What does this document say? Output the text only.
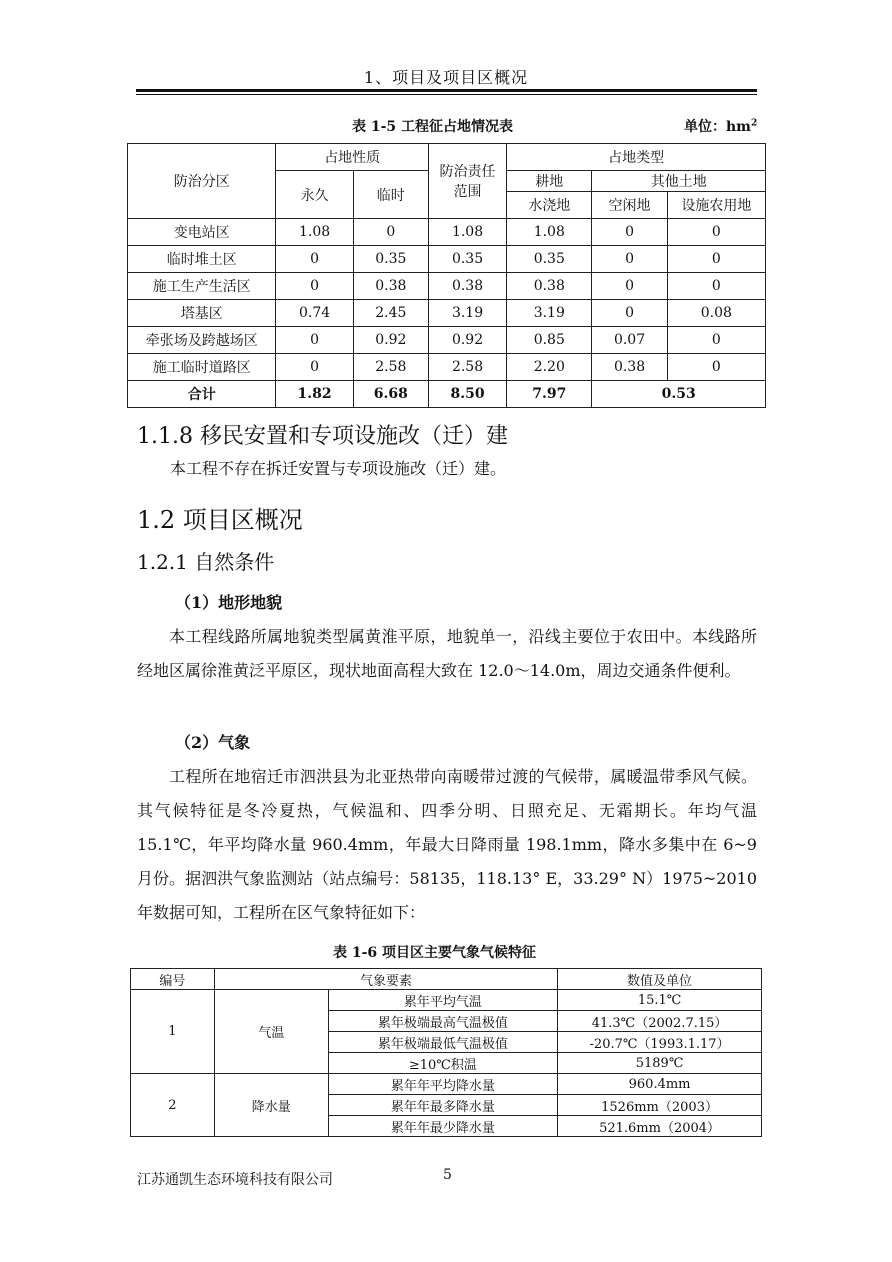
1、项目及项目区概况
表 1-5 工程征占地情况表	单位：$hm^2$
防治分区	占地性质		防治责任范围	占地类型		
	永久	临时		耕地	其他土地	
				水浇地	空闲地	设施农用地
变电站区	1.08	0	1.08	1.08	0	0
临时堆土区	0	0.35	0.35	0.35	0	0
施工生产生活区	0	0.38	0.38	0.38	0	0
塔基区	0.74	2.45	3.19	3.19	0	0.08
牵张场及跨越场区	0	0.92	0.92	0.85	0.07	0
施工临时道路区	0	2.58	2.58	2.20	0.38	0
合计	1.82	6.68	8.50	7.97	0.53	
1.1.8 移民安置和专项设施改（迁）建
本工程不存在拆迁安置与专项设施改（迁）建。
1.2 项目区概况
1.2.1 自然条件
（1）地形地貌
本工程线路所属地貌类型属黄淮平原，地貌单一，沿线主要位于农田中。本线路所经地区属徐淮黄泛平原区，现状地面高程大致在 12.0～14.0m，周边交通条件便利。
（2）气象
工程所在地宿迁市泗洪县为北亚热带向南暖带过渡的气候带，属暖温带季风气候。其气候特征是冬冷夏热，气候温和、四季分明、日照充足、无霜期长。年均气温 15.1℃，年平均降水量 960.4mm，年最大日降雨量 198.1mm，降水多集中在 6~9 月份。据泗洪气象监测站（站点编号：58135，118.13° E，33.29° N）1975~2010 年数据可知，工程所在区气象特征如下：
表 1-6 项目区主要气象气候特征
编号	气象要素		数值及单位
1	气温	累年平均气温	15.1℃
		累年极端最高气温极值	41.3℃（2002.7.15）
		累年极端最低气温极值	-20.7℃（1993.1.17）
		≥10℃积温	5189℃
2	降水量	累年年平均降水量	960.4mm
		累年年最多降水量	1526mm（2003）
		累年年最少降水量	521.6mm（2004）
江苏通凯生态环境科技有限公司	5
